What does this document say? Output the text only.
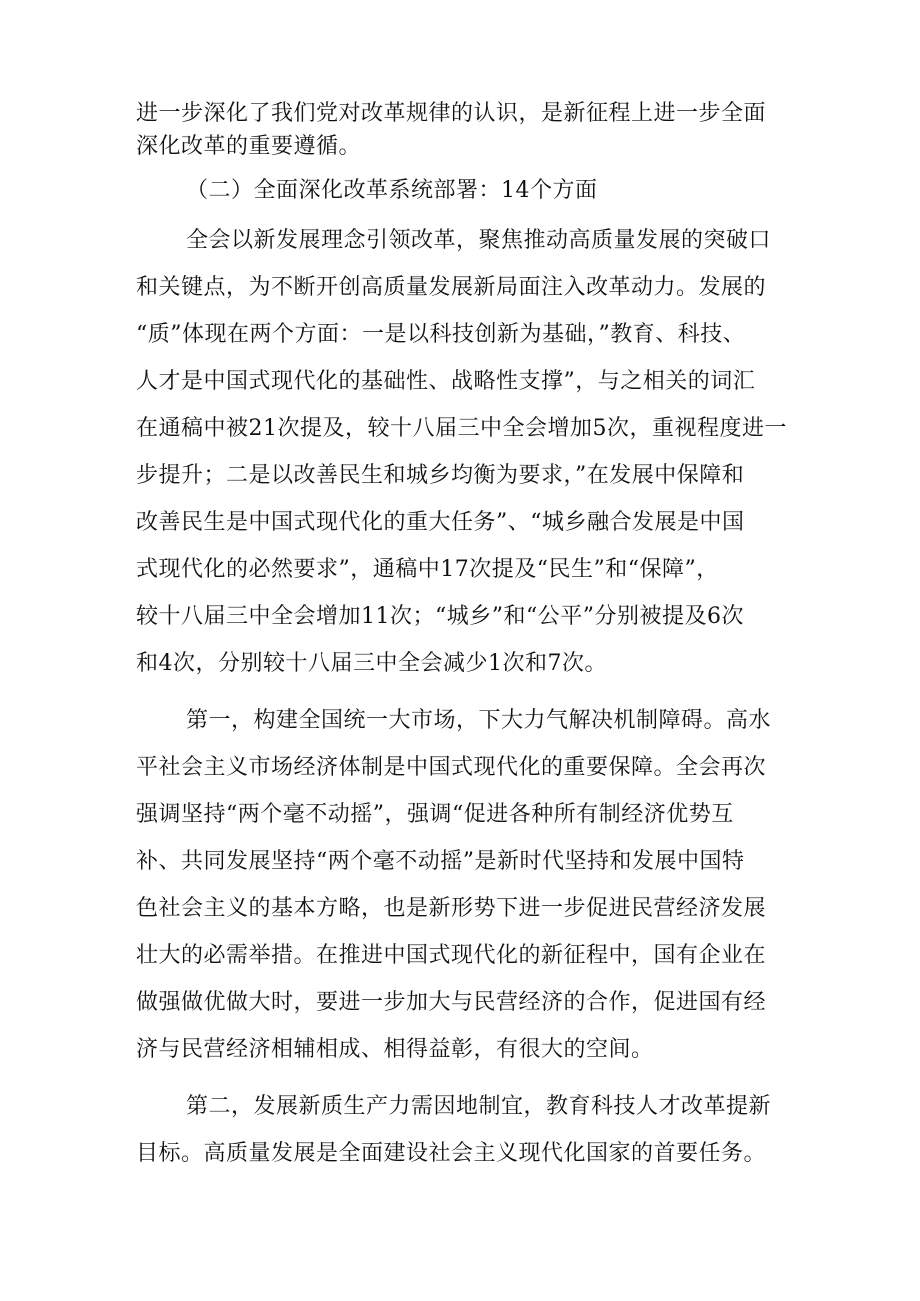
进一步深化了我们党对改革规律的认识，是新征程上进一步全面
深化改革的重要遵循。
（二）全面深化改革系统部署：14个方面
全会以新发展理念引领改革，聚焦推动高质量发展的突破口
和关键点，为不断开创高质量发展新局面注入改革动力。发展的
“质”体现在两个方面：一是以科技创新为基础，”教育、科技、
人才是中国式现代化的基础性、战略性支撑”，与之相关的词汇
在通稿中被21次提及，较十八届三中全会增加5次，重视程度进一
步提升；二是以改善民生和城乡均衡为要求，”在发展中保障和
改善民生是中国式现代化的重大任务”、“城乡融合发展是中国
式现代化的必然要求”，通稿中17次提及“民生”和“保障”，
较十八届三中全会增加11次；“城乡”和“公平”分别被提及6次
和4次，分别较十八届三中全会减少1次和7次。
第一，构建全国统一大市场，下大力气解决机制障碍。高水
平社会主义市场经济体制是中国式现代化的重要保障。全会再次
强调坚持“两个毫不动摇”，强调“促进各种所有制经济优势互
补、共同发展坚持“两个毫不动摇”是新时代坚持和发展中国特
色社会主义的基本方略，也是新形势下进一步促进民营经济发展
壮大的必需举措。在推进中国式现代化的新征程中，国有企业在
做强做优做大时，要进一步加大与民营经济的合作，促进国有经
济与民营经济相辅相成、相得益彰，有很大的空间。
第二，发展新质生产力需因地制宜，教育科技人才改革提新
目标。高质量发展是全面建设社会主义现代化国家的首要任务。
